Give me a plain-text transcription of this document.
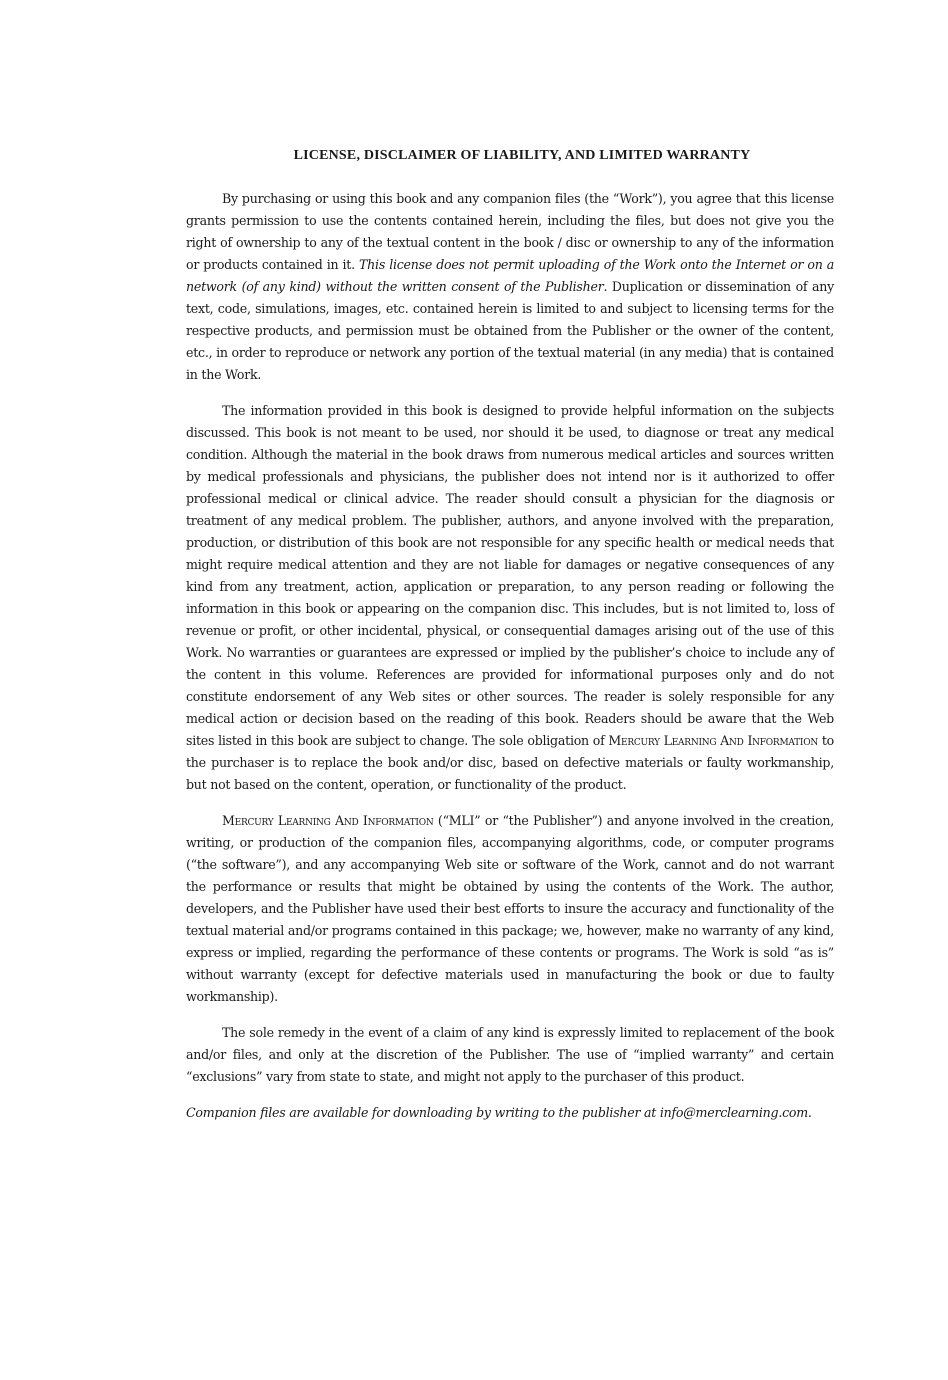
LICENSE, DISCLAIMER OF LIABILITY, AND LIMITED WARRANTY

By purchasing or using this book and any companion files (the “Work”), you agree that this license grants permission to use the contents contained herein, including the files, but does not give you the right of ownership to any of the textual content in the book / disc or ownership to any of the information or products contained in it. This license does not permit uploading of the Work onto the Internet or on a network (of any kind) without the written consent of the Publisher. Duplication or dissemination of any text, code, simulations, images, etc. contained herein is limited to and subject to licensing terms for the respective products, and permission must be obtained from the Publisher or the owner of the content, etc., in order to reproduce or network any portion of the textual material (in any media) that is contained in the Work.

The information provided in this book is designed to provide helpful information on the subjects discussed. This book is not meant to be used, nor should it be used, to diagnose or treat any medical condition. Although the material in the book draws from numerous medical articles and sources written by medical professionals and physicians, the publisher does not intend nor is it authorized to offer professional medical or clinical advice. The reader should consult a physician for the diagnosis or treatment of any medical problem. The publisher, authors, and anyone involved with the preparation, production, or distribution of this book are not responsible for any specific health or medical needs that might require medical attention and they are not liable for damages or negative consequences of any kind from any treatment, action, application or preparation, to any person reading or following the information in this book or appearing on the companion disc. This includes, but is not limited to, loss of revenue or profit, or other incidental, physical, or consequential damages arising out of the use of this Work. No warranties or guarantees are expressed or implied by the publisher’s choice to include any of the content in this volume. References are provided for informational purposes only and do not constitute endorsement of any Web sites or other sources. The reader is solely responsible for any medical action or decision based on the reading of this book. Readers should be aware that the Web sites listed in this book are subject to change. The sole obligation of Mercury Learning And Information to the purchaser is to replace the book and/or disc, based on defective materials or faulty workmanship, but not based on the content, operation, or functionality of the product.

Mercury Learning And Information (“MLI” or “the Publisher”) and anyone involved in the creation, writing, or production of the companion files, accompanying algorithms, code, or computer programs (“the software”), and any accompanying Web site or software of the Work, cannot and do not warrant the performance or results that might be obtained by using the contents of the Work. The author, developers, and the Publisher have used their best efforts to insure the accuracy and functionality of the textual material and/or programs contained in this package; we, however, make no warranty of any kind, express or implied, regarding the performance of these contents or programs. The Work is sold “as is” without warranty (except for defective materials used in manufacturing the book or due to faulty workmanship).

The sole remedy in the event of a claim of any kind is expressly limited to replacement of the book and/or files, and only at the discretion of the Publisher. The use of “implied warranty” and certain “exclusions” vary from state to state, and might not apply to the purchaser of this product.

Companion files are available for downloading by writing to the publisher at info@merclearning.com.
